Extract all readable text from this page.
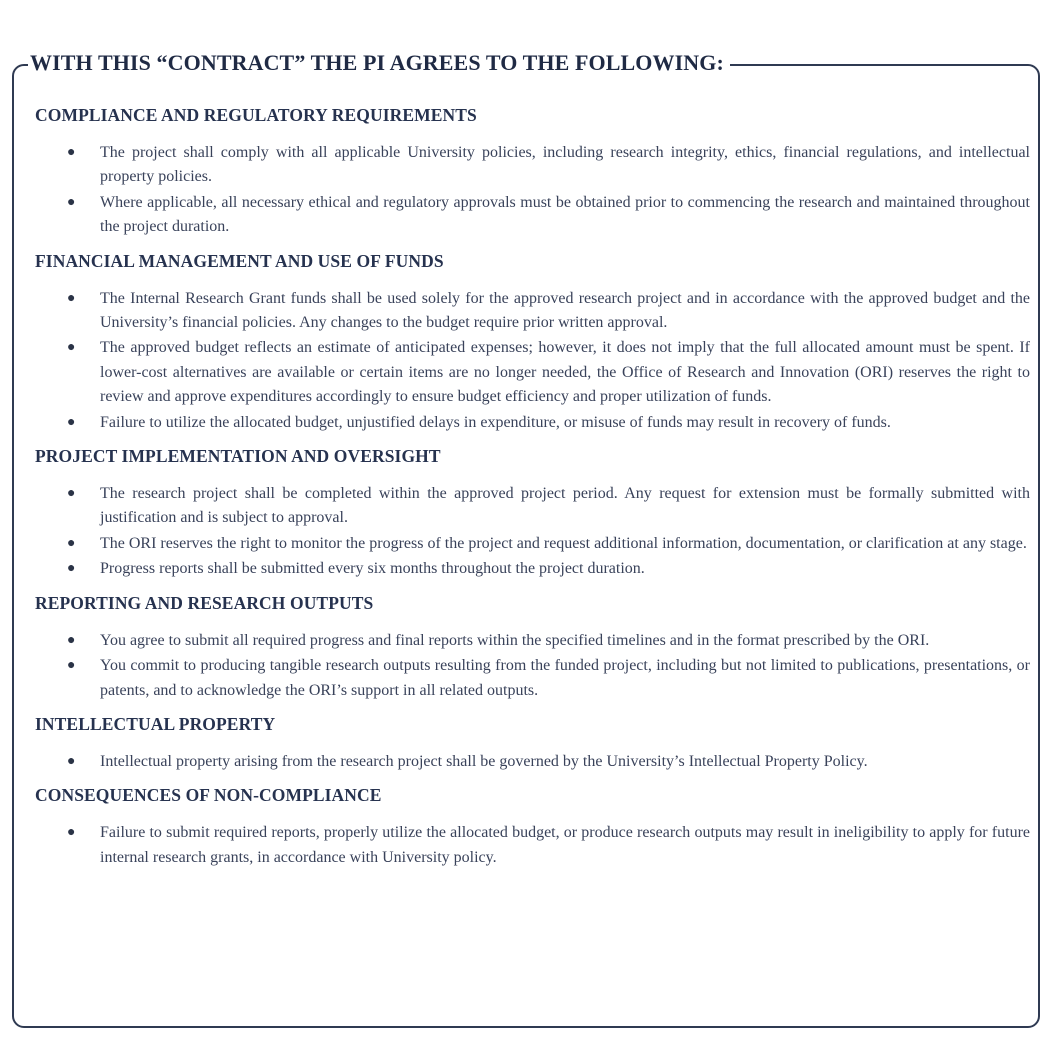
WITH THIS “CONTRACT” THE PI AGREES TO THE FOLLOWING:
COMPLIANCE AND REGULATORY REQUIREMENTS
● The project shall comply with all applicable University policies, including research integrity, ethics, financial regulations, and intellectual property policies.
● Where applicable, all necessary ethical and regulatory approvals must be obtained prior to commencing the research and maintained throughout the project duration.
FINANCIAL MANAGEMENT AND USE OF FUNDS
● The Internal Research Grant funds shall be used solely for the approved research project and in accordance with the approved budget and the University’s financial policies. Any changes to the budget require prior written approval.
● The approved budget reflects an estimate of anticipated expenses; however, it does not imply that the full allocated amount must be spent. If lower-cost alternatives are available or certain items are no longer needed, the Office of Research and Innovation (ORI) reserves the right to review and approve expenditures accordingly to ensure budget efficiency and proper utilization of funds.
● Failure to utilize the allocated budget, unjustified delays in expenditure, or misuse of funds may result in recovery of funds.
PROJECT IMPLEMENTATION AND OVERSIGHT
● The research project shall be completed within the approved project period. Any request for extension must be formally submitted with justification and is subject to approval.
● The ORI reserves the right to monitor the progress of the project and request additional information, documentation, or clarification at any stage.
● Progress reports shall be submitted every six months throughout the project duration.
REPORTING AND RESEARCH OUTPUTS
● You agree to submit all required progress and final reports within the specified timelines and in the format prescribed by the ORI.
● You commit to producing tangible research outputs resulting from the funded project, including but not limited to publications, presentations, or patents, and to acknowledge the ORI’s support in all related outputs.
INTELLECTUAL PROPERTY
● Intellectual property arising from the research project shall be governed by the University’s Intellectual Property Policy.
CONSEQUENCES OF NON-COMPLIANCE
● Failure to submit required reports, properly utilize the allocated budget, or produce research outputs may result in ineligibility to apply for future internal research grants, in accordance with University policy.
